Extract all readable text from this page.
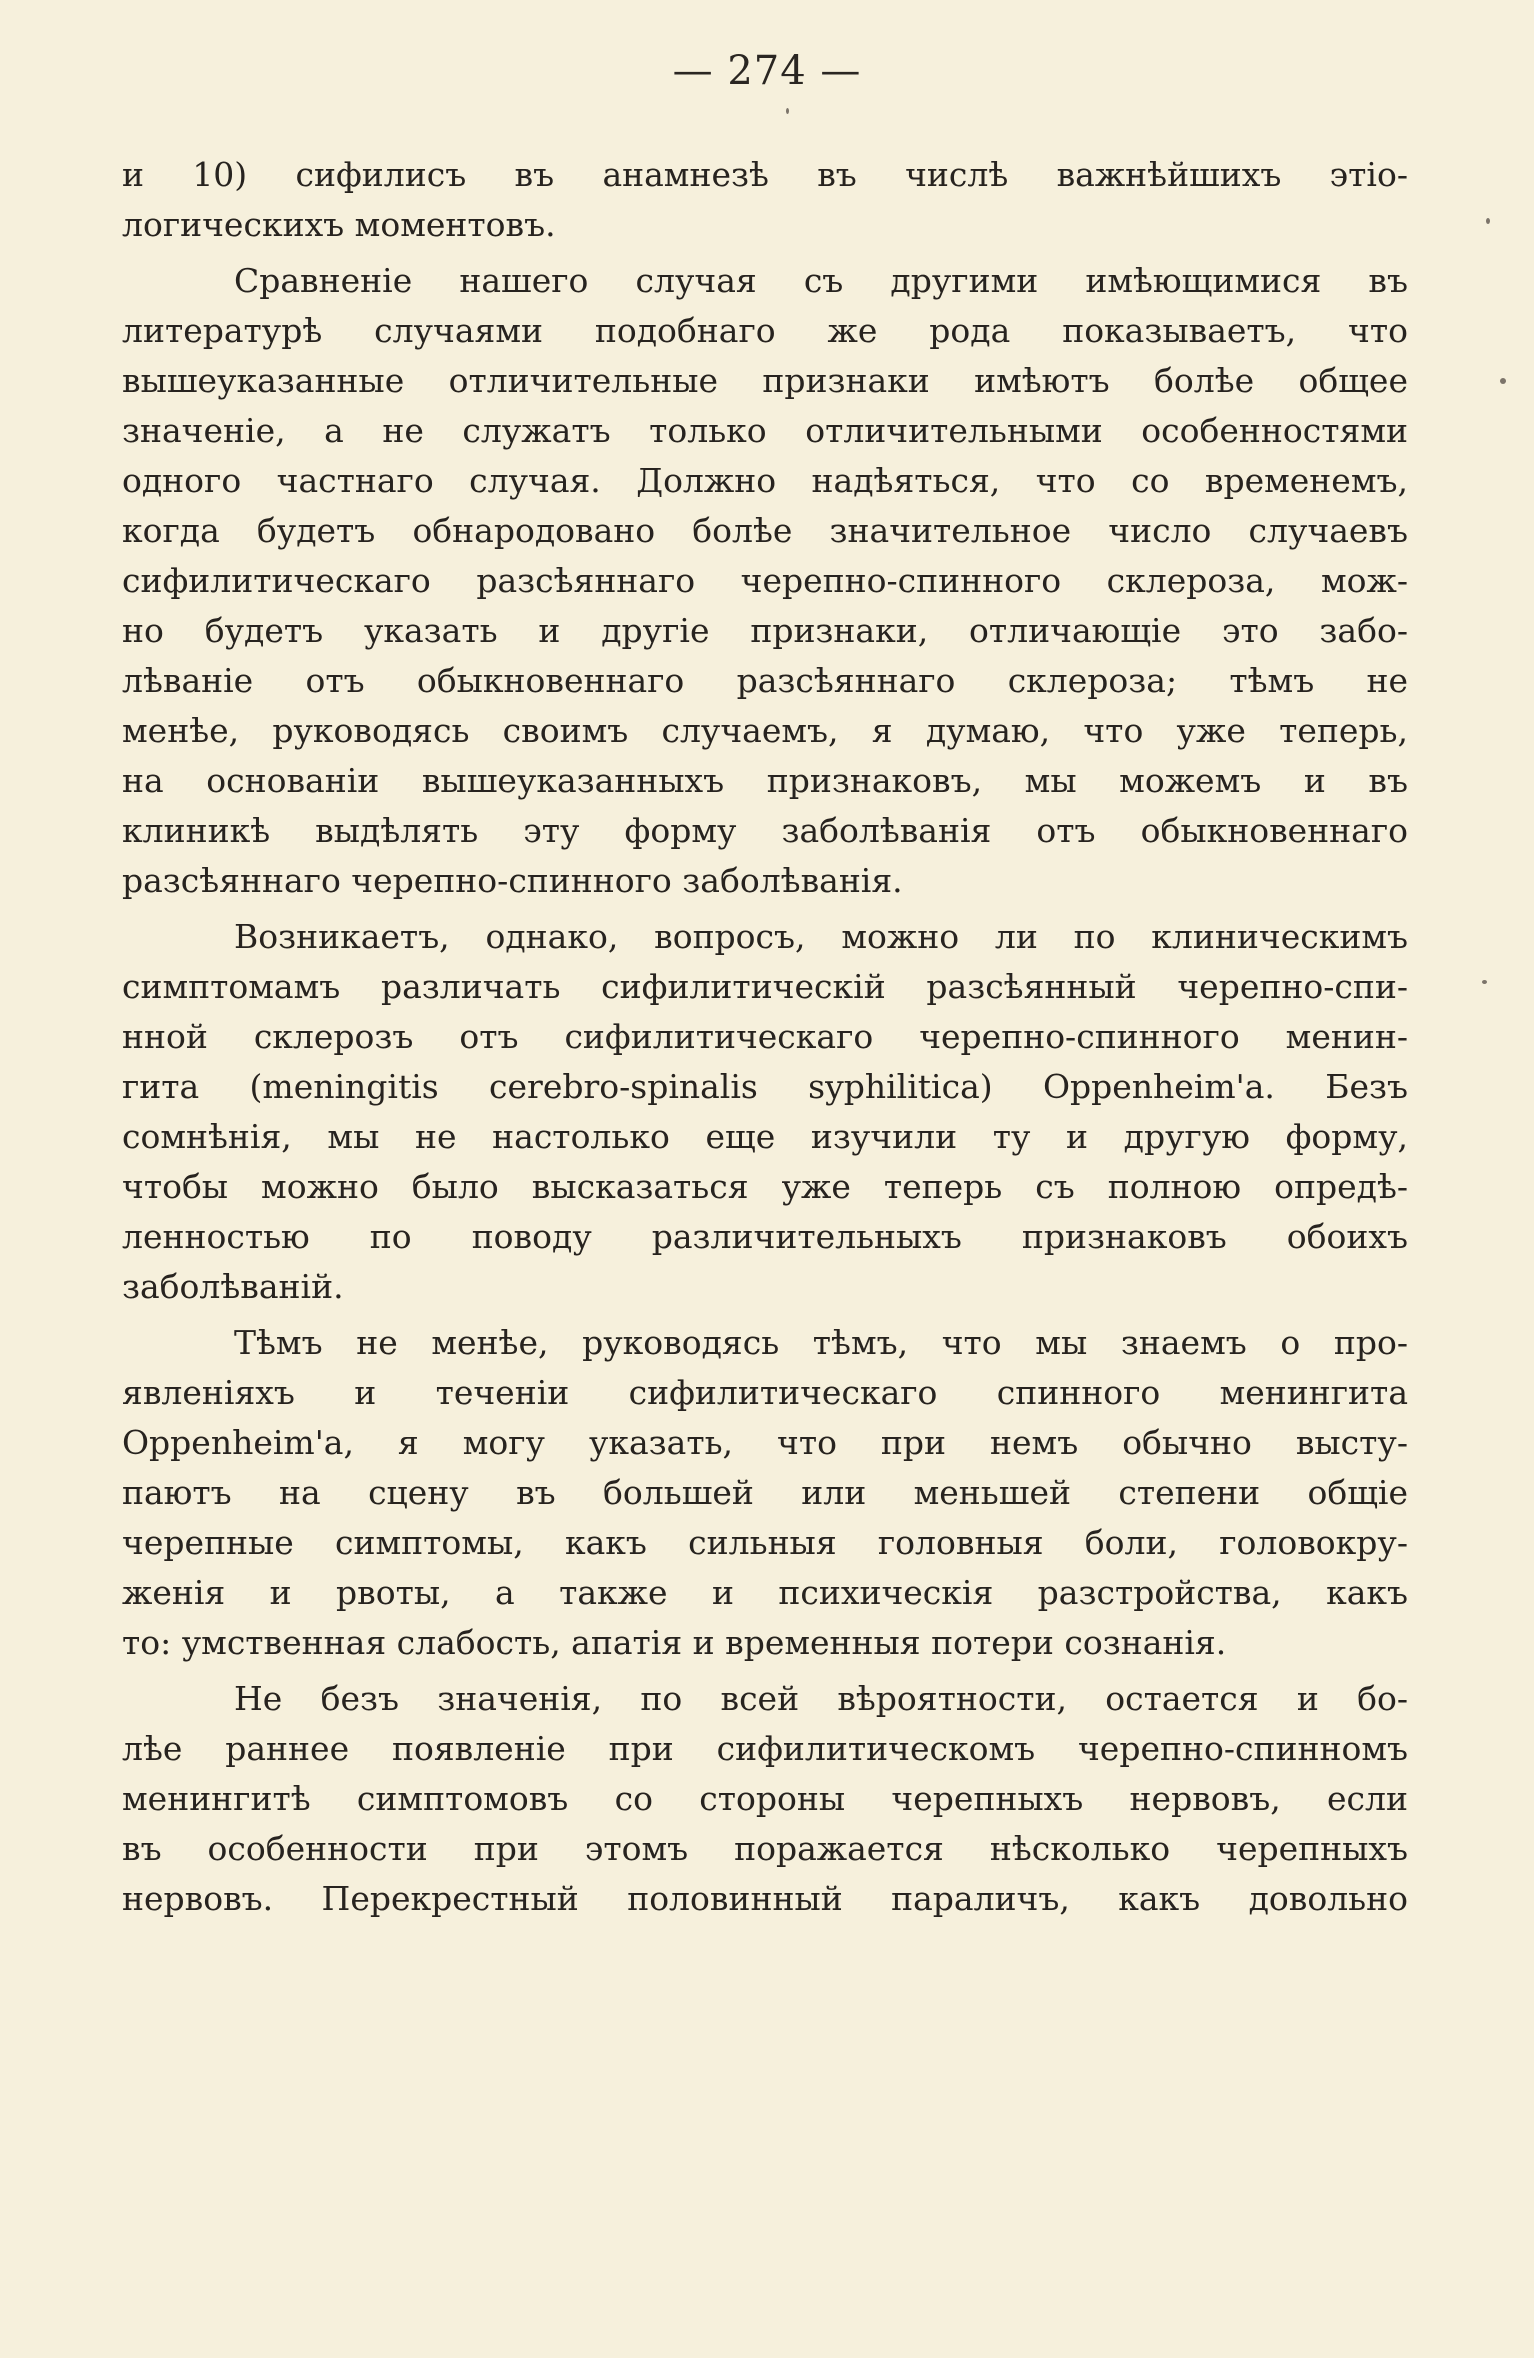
— 274 —
и 10) сифилисъ въ анамнезѣ въ числѣ важнѣйшихъ этіо-
логическихъ моментовъ.
Сравненіе нашего случая съ другими имѣющимися въ
литературѣ случаями подобнаго же рода показываетъ, что
вышеуказанные отличительные признаки имѣютъ болѣе общее
значеніе, а не служатъ только отличительными особенностями
одного частнаго случая. Должно надѣяться, что со временемъ,
когда будетъ обнародовано болѣе значительное число случаевъ
сифилитическаго разсѣяннаго черепно-спинного склероза, мож-
но будетъ указать и другіе признаки, отличающіе это забо-
лѣваніе отъ обыкновеннаго разсѣяннаго склероза; тѣмъ не
менѣе, руководясь своимъ случаемъ, я думаю, что уже теперь,
на основаніи вышеуказанныхъ признаковъ, мы можемъ и въ
клиникѣ выдѣлять эту форму заболѣванія отъ обыкновеннаго
разсѣяннаго черепно-спинного заболѣванія.
Возникаетъ, однако, вопросъ, можно ли по клиническимъ
симптомамъ различать сифилитическій разсѣянный черепно-спи-
нной склерозъ отъ сифилитическаго черепно-спинного менин-
гита (meningitis cerebro-spinalis syphilitica) Oppenheim'а. Безъ
сомнѣнія, мы не настолько еще изучили ту и другую форму,
чтобы можно было высказаться уже теперь съ полною опредѣ-
ленностью по поводу различительныхъ признаковъ обоихъ
заболѣваній.
Тѣмъ не менѣе, руководясь тѣмъ, что мы знаемъ о про-
явленіяхъ и теченіи сифилитическаго спинного менингита
Oppenheim'а, я могу указать, что при немъ обычно высту-
паютъ на сцену въ большей или меньшей степени общіе
черепные симптомы, какъ сильныя головныя боли, головокру-
женія и рвоты, а также и психическія разстройства, какъ
то: умственная слабость, апатія и временныя потери сознанія.
Не безъ значенія, по всей вѣроятности, остается и бо-
лѣе раннее появленіе при сифилитическомъ черепно-спинномъ
менингитѣ симптомовъ со стороны черепныхъ нервовъ, если
въ особенности при этомъ поражается нѣсколько черепныхъ
нервовъ. Перекрестный половинный параличъ, какъ довольно
